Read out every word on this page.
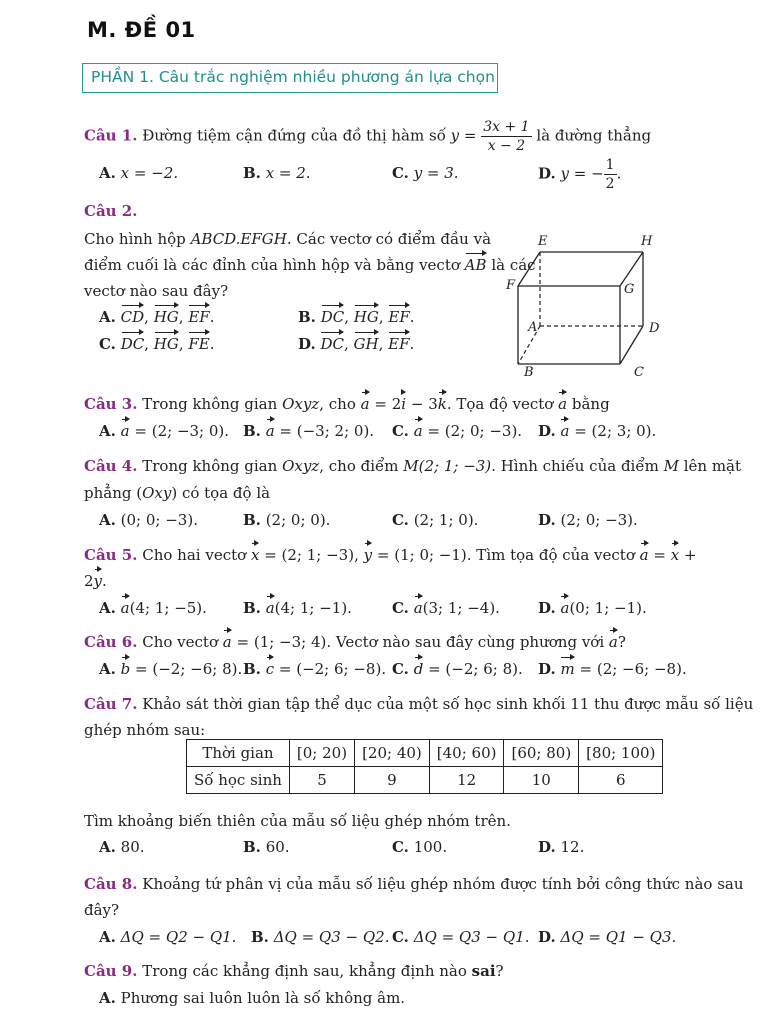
M. ĐỀ 01
PHẦN 1. Câu trắc nghiệm nhiều phương án lựa chọn
Câu 1. Đường tiệm cận đứng của đồ thị hàm số $y = \frac{3x + 1}{x - 2}$ là đường thẳng
A. x = −2.	B. x = 2.	C. y = 3.	D. y = − $\frac{1}{2}$ .
Câu 2.
Cho hình hộp ABCD.EFGH. Các vectơ có điểm đầu và
điểm cuối là các đỉnh của hình hộp và bằng vectơ AB là các
vectơ nào sau đây?
A. CD, HG, EF.	B. DC, HG, EF.
C. DC, HG, FE.	D. DC, GH, EF.
E	H
F	G
A	D
B	C
Câu 3. Trong không gian Oxyz, cho a = 2i − 3k. Tọa độ vectơ a bằng
A. a = (2; −3; 0). B. a = (−3; 2; 0). C. a = (2; 0; −3). D. a = (2; 3; 0).
Câu 4. Trong không gian Oxyz, cho điểm M(2; 1; −3). Hình chiếu của điểm M lên mặt
phẳng (Oxy) có tọa độ là
A. (0; 0; −3).	B. (2; 0; 0).	C. (2; 1; 0).	D. (2; 0; −3).
Câu 5. Cho hai vectơ x = (2; 1; −3), y = (1; 0; −1). Tìm tọa độ của vectơ a = x +
2y.
A. a(4; 1; −5). B. a(4; 1; −1).	C. a(3; 1; −4).	D. a(0; 1; −1).
Câu 6. Cho vectơ a = (1; −3; 4). Vectơ nào sau đây cùng phương với a?
A. b = (−2; −6; 8). B. c = (−2; 6; −8). C. d = (−2; 6; 8). D. m = (2; −6; −8).
Câu 7. Khảo sát thời gian tập thể dục của một số học sinh khối 11 thu được mẫu số liệu
ghép nhóm sau:
Thời gian	[0; 20)	[20; 40)	[40; 60)	[60; 80)	[80; 100)
Số học sinh	5	9	12	10	6
Tìm khoảng biến thiên của mẫu số liệu ghép nhóm trên.
A. 80.	B. 60.	C. 100.	D. 12.
Câu 8. Khoảng tứ phân vị của mẫu số liệu ghép nhóm được tính bởi công thức nào sau
đây?
A. ΔQ = Q2 − Q1. B. ΔQ = Q3 − Q2. C. ΔQ = Q3 − Q1. D. ΔQ = Q1 − Q3.
Câu 9. Trong các khẳng định sau, khẳng định nào sai?
A. Phương sai luôn luôn là số không âm.
